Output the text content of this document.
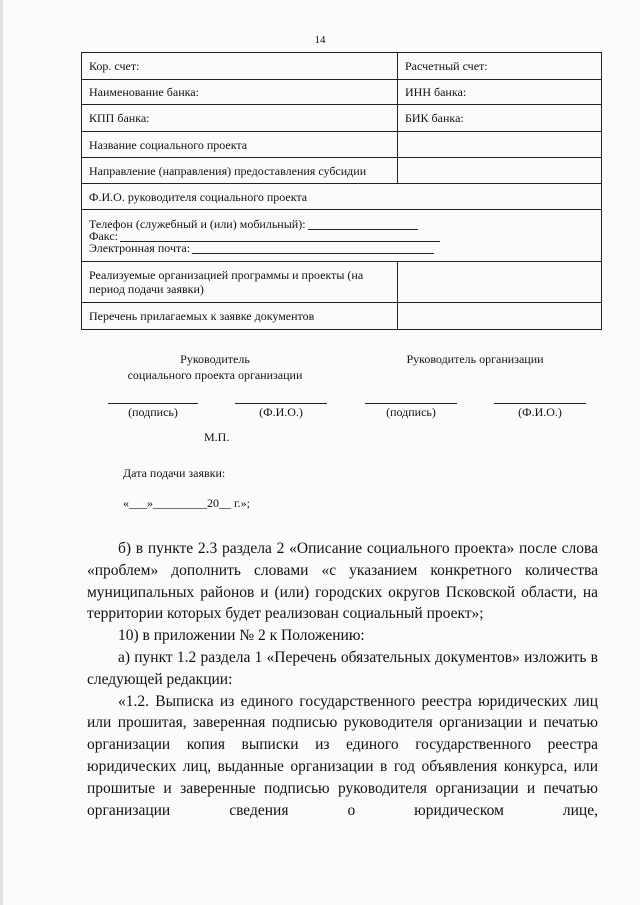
14
Кор. счет:	Расчетный счет:
Наименование банка:	ИНН банка:
КПП банка:	БИК банка:
Название социального проекта	
Направление (направления) предоставления субсидии	
Ф.И.О. руководителя социального проекта	

Телефон (служебный и (или) мобильный):
Факс:
Электронная почта:	

Реализуемые организацией программы и проекты (на период подачи заявки)	
Перечень прилагаемых к заявке документов	
Руководитель
социального проекта организации
Руководитель организации
(подпись)	(Ф.И.О.)	(подпись)	(Ф.И.О.)
М.П.
Дата подачи заявки:
«___»_________20__ г.»;

б) в пункте 2.3 раздела 2 «Описание социального проекта» после слова «проблем» дополнить словами «с указанием конкретного количества муниципальных районов и (или) городских округов Псковской области, на территории которых будет реализован социальный проект»;

10) в приложении № 2 к Положению:

а) пункт 1.2 раздела 1 «Перечень обязательных документов» изложить в следующей редакции:

«1.2. Выписка из единого государственного реестра юридических лиц или прошитая, заверенная подписью руководителя организации и печатью организации копия выписки из единого государственного реестра юридических лиц, выданные организации в год объявления конкурса, или прошитые и заверенные подписью руководителя организации и печатью организации сведения о юридическом лице,
